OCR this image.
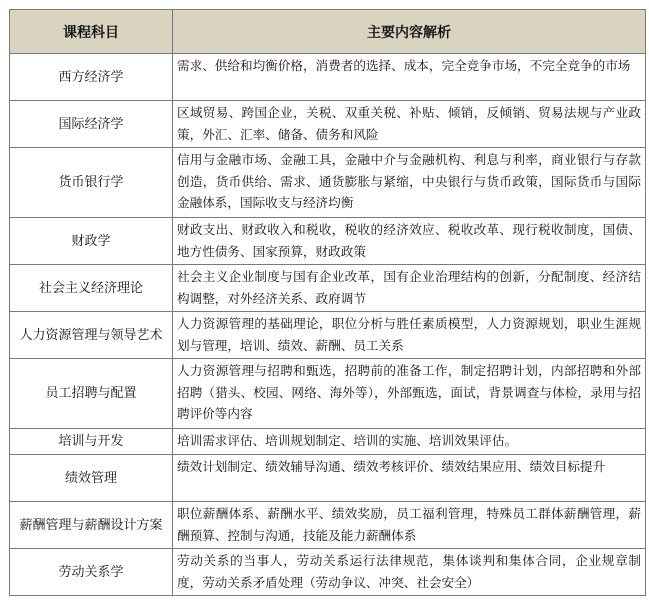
课程科目	主要内容解析
西方经济学	需求、供给和均衡价格，消费者的选择、成本，完全竞争市场，不完全竞争的市场
国际经济学	区域贸易、跨国企业，关税、双重关税、补贴、倾销，反倾销、贸易法规与产业政策，外汇、汇率、储备、债务和风险
货币银行学	信用与金融市场、金融工具，金融中介与金融机构、利息与利率，商业银行与存款创造，货币供给、需求、通货膨胀与紧缩，中央银行与货币政策，国际货币与国际金融体系，国际收支与经济均衡
财政学	财政支出、财政收入和税收，税收的经济效应、税收改革、现行税收制度，国债、地方性债务、国家预算，财政政策
社会主义经济理论	社会主义企业制度与国有企业改革，国有企业治理结构的创新，分配制度、经济结构调整，对外经济关系、政府调节
人力资源管理与领导艺术	人力资源管理的基础理论，职位分析与胜任素质模型，人力资源规划，职业生涯规划与管理，培训、绩效、薪酬、员工关系
员工招聘与配置	人力资源管理与招聘和甄选，招聘前的准备工作，制定招聘计划，内部招聘和外部招聘（猎头、校园、网络、海外等），外部甄选，面试，背景调查与体检，录用与招聘评价等内容
培训与开发	培训需求评估、培训规划制定、培训的实施、培训效果评估。
绩效管理	绩效计划制定、绩效辅导沟通、绩效考核评价、绩效结果应用、绩效目标提升
薪酬管理与薪酬设计方案	职位薪酬体系、薪酬水平、绩效奖励，员工福利管理，特殊员工群体薪酬管理，薪酬预算、控制与沟通，技能及能力薪酬体系
劳动关系学	劳动关系的当事人，劳动关系运行法律规范，集体谈判和集体合同，企业规章制度，劳动关系矛盾处理（劳动争议、冲突、社会安全）
